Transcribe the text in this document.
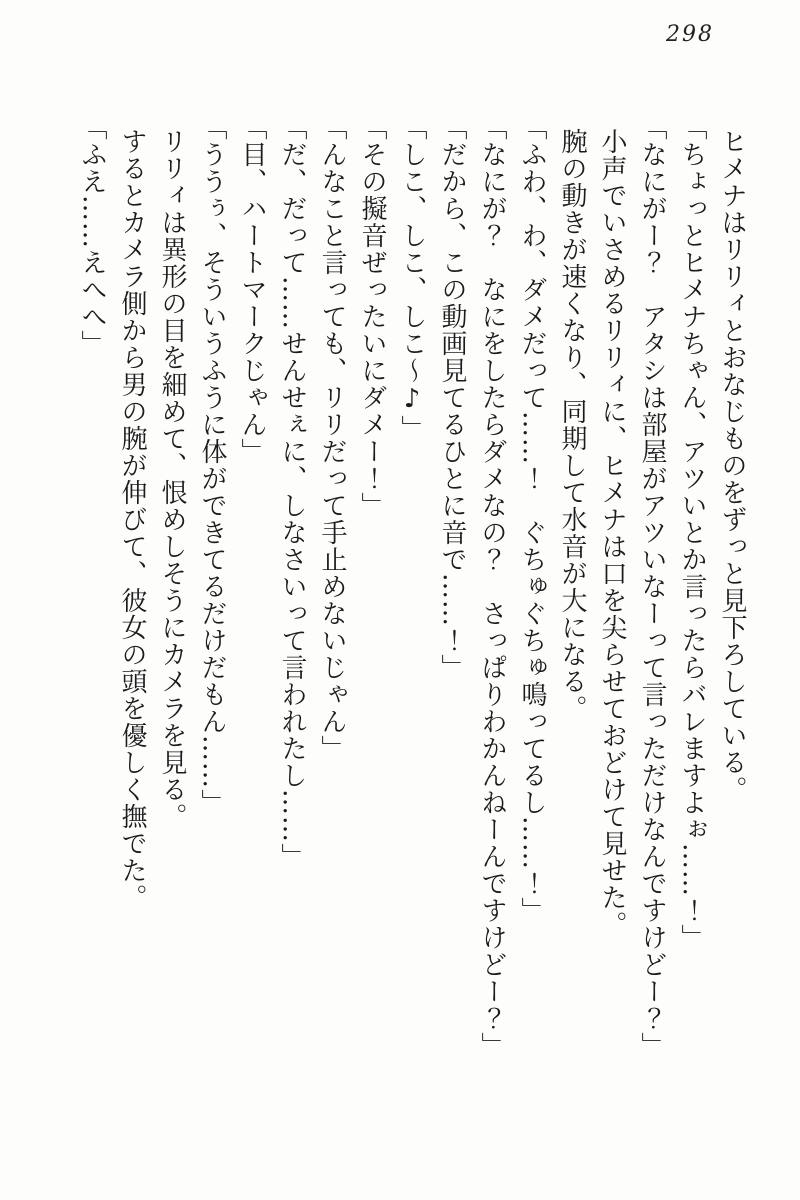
298

ヒメナはリリィとおなじものをずっと見下ろしている。

「ちょっとヒメナちゃん、アツいとか言ったらバレますよぉ……！」

「なにがー？　アタシは部屋がアツいなーって言っただけなんですけどー？」

小声でいさめるリリィに、ヒメナは口を尖らせておどけて見せた。

腕の動きが速くなり、同期して水音が大になる。

「ふわ、わ、ダメだって……！　ぐちゅぐちゅ鳴ってるし……！」

「なにが？　なにをしたらダメなの？　さっぱりわかんねーんですけどー？」

「だから、この動画見てるひとに音で……！」

「しこ、しこ、しこ〜♪」

「その擬音ぜったいにダメー！」

「んなこと言っても、リリだって手止めないじゃん」

「だ、だって……せんせぇに、しなさいって言われたし……」

「目、ハートマークじゃん」

「ううぅ、そういうふうに体ができてるだけだもん……」

リリィは異形の目を細めて、恨めしそうにカメラを見る。

するとカメラ側から男の腕が伸びて、彼女の頭を優しく撫でた。

「ふえ……えへへ」
